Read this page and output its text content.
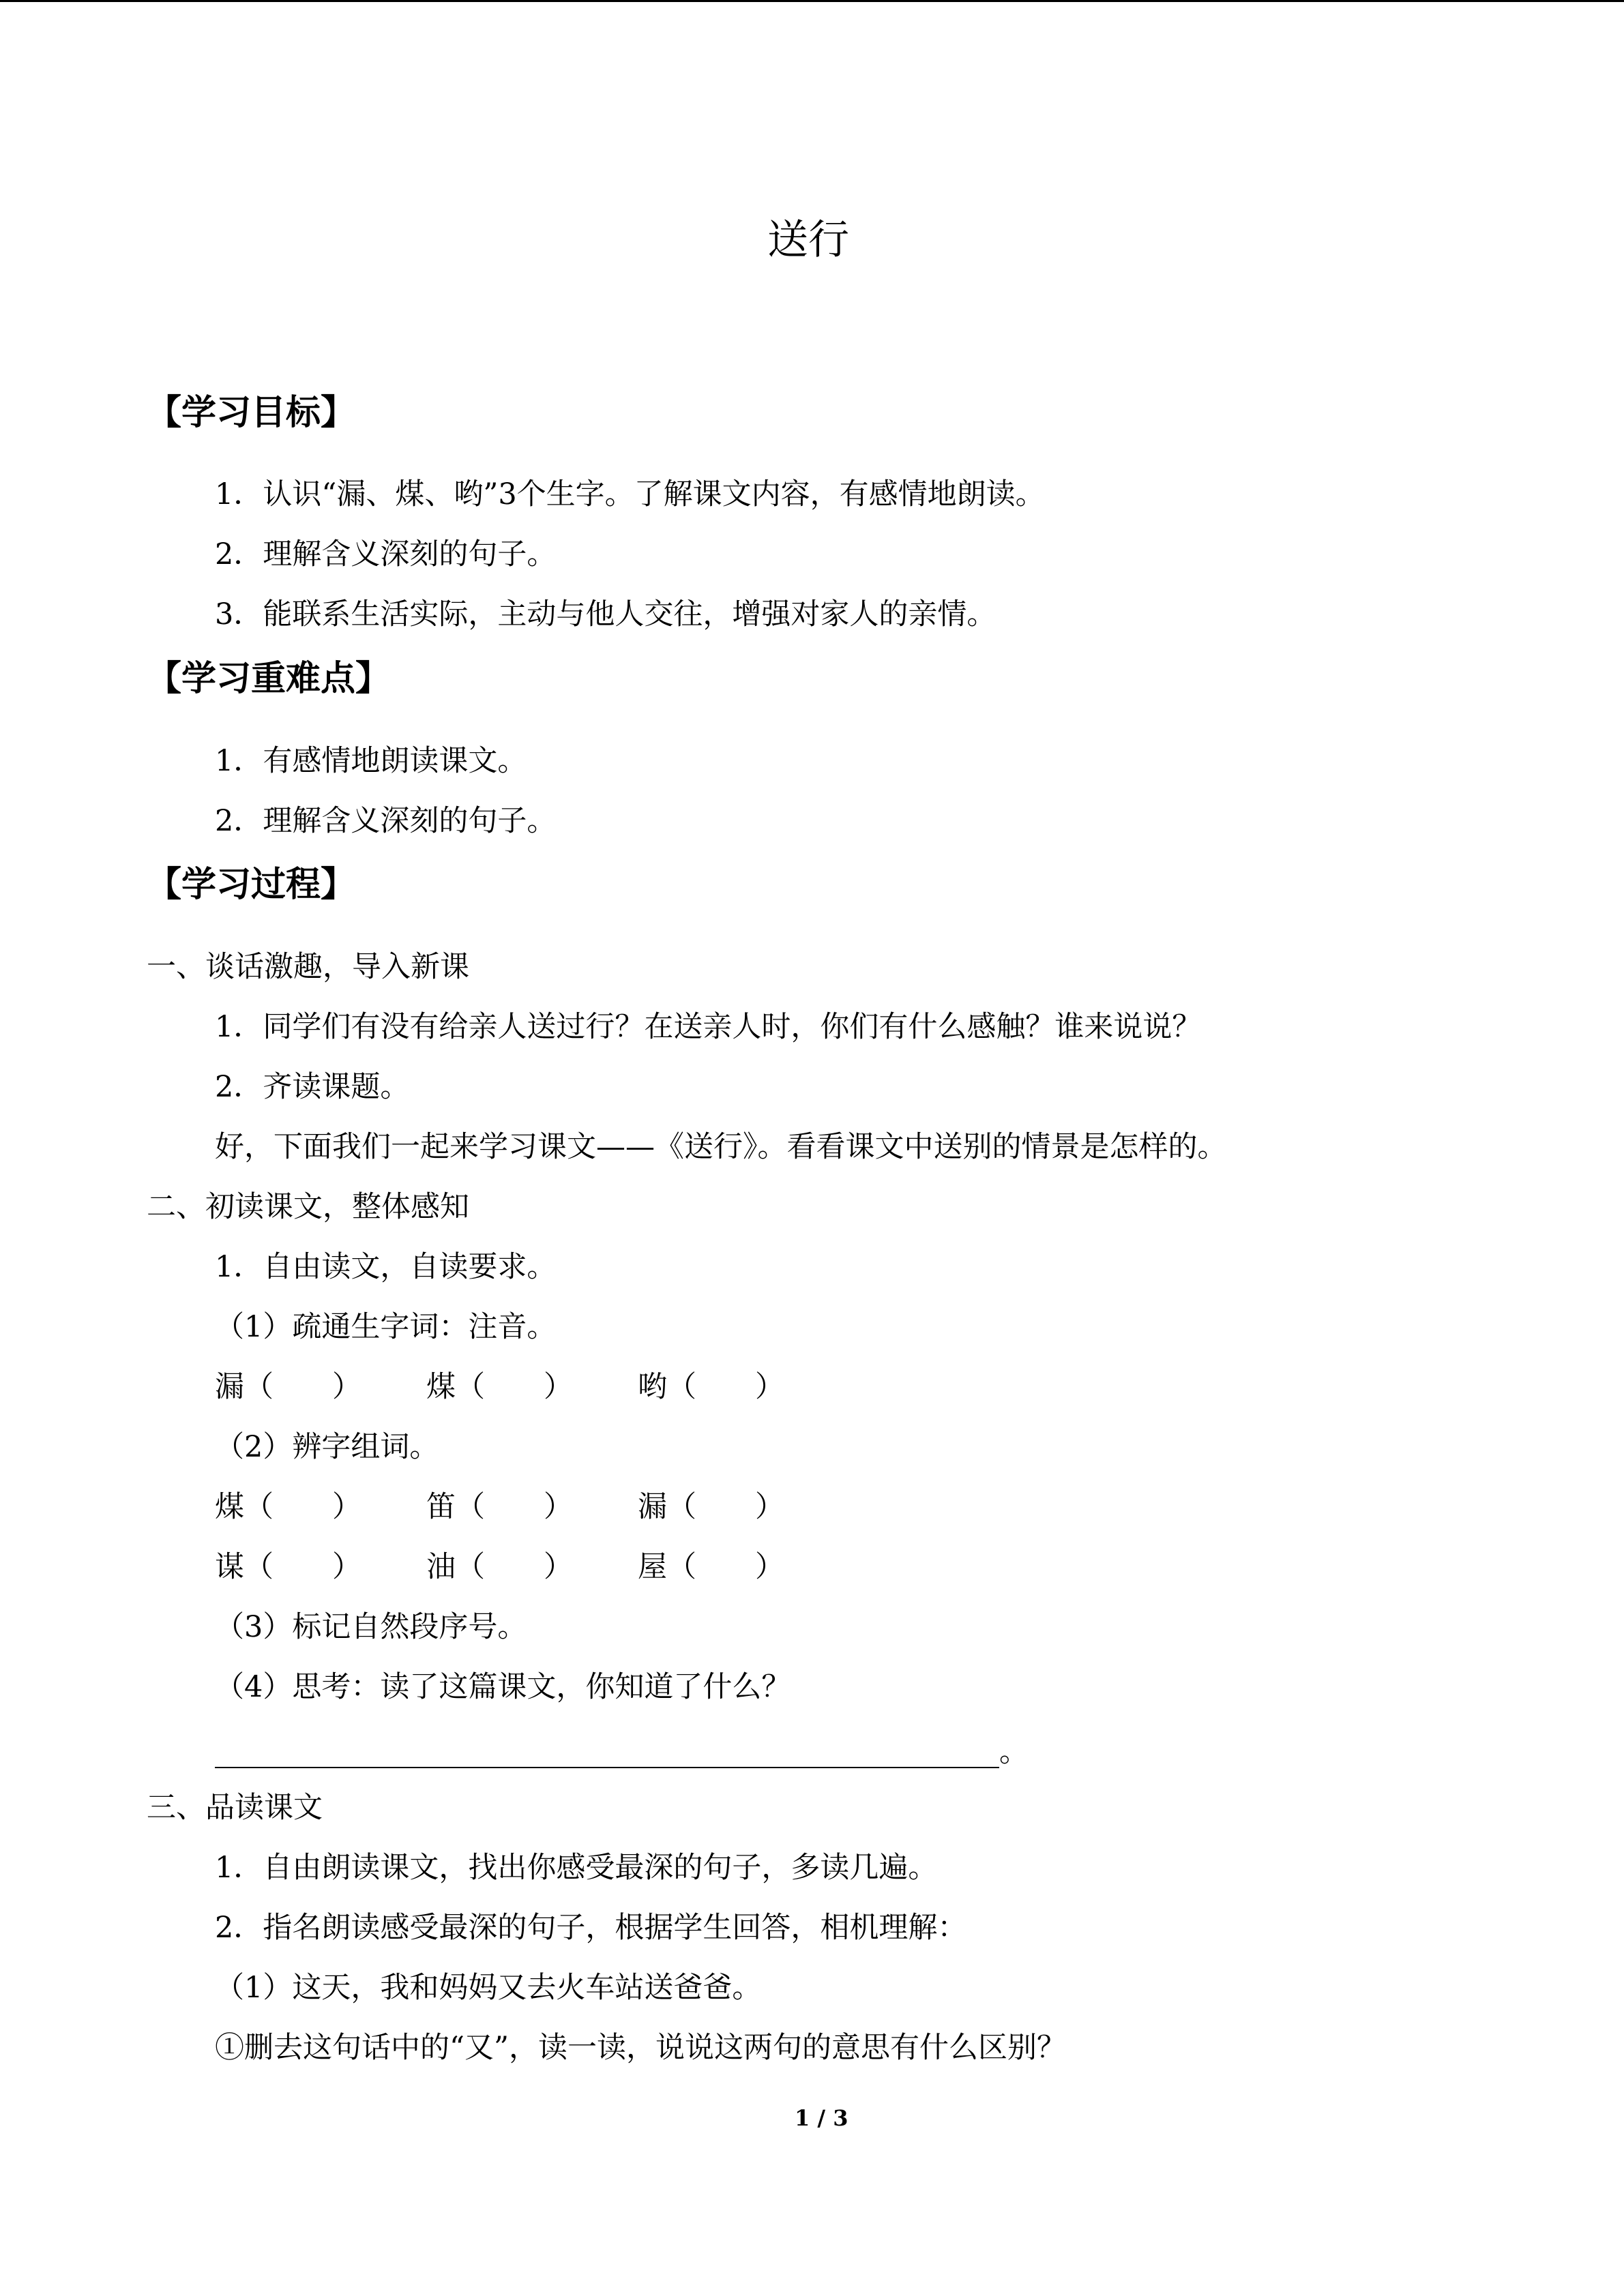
送行
【学习目标】
1．认识“漏、煤、哟”3个生字。了解课文内容，有感情地朗读。
2．理解含义深刻的句子。
3．能联系生活实际，主动与他人交往，增强对家人的亲情。
【学习重难点】
1．有感情地朗读课文。
2．理解含义深刻的句子。
【学习过程】
一、谈话激趣，导入新课
1．同学们有没有给亲人送过行？在送亲人时，你们有什么感触？谁来说说？
2．齐读课题。
好，下面我们一起来学习课文——《送行》。看看课文中送别的情景是怎样的。
二、初读课文，整体感知
1．自由读文，自读要求。
（1）疏通生字词：注音。
漏（　　） 煤（　　） 哟（　　）
（2）辨字组词。
煤（　　） 笛（　　） 漏（　　）
谋（　　） 油（　　） 屋（　　）
（3）标记自然段序号。
（4）思考：读了这篇课文，你知道了什么？
。
三、品读课文
1．自由朗读课文，找出你感受最深的句子，多读几遍。
2．指名朗读感受最深的句子，根据学生回答，相机理解：
（1）这天，我和妈妈又去火车站送爸爸。
①删去这句话中的“又”，读一读，说说这两句的意思有什么区别？
1 / 3
